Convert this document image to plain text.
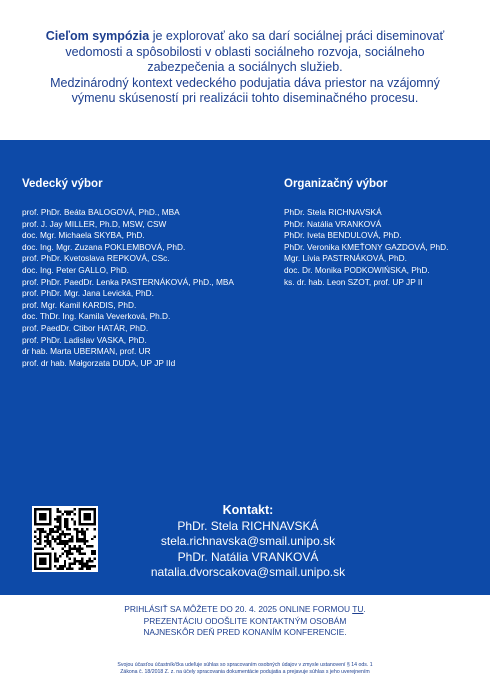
Cieľom sympózia je explorovať ako sa darí sociálnej práci diseminovať vedomosti a spôsobilosti v oblasti sociálneho rozvoja, sociálneho zabezpečenia a sociálnych služieb.
Medzinárodný kontext vedeckého podujatia dáva priestor na vzájomný výmenu skúseností pri realizácii tohto diseminačného procesu.
Vedecký výbor
prof. PhDr. Beáta BALOGOVÁ, PhD., MBA
prof. J. Jay MILLER, Ph.D, MSW, CSW
doc. Mgr. Michaela SKYBA, PhD.
doc. Ing. Mgr. Zuzana POKLEMBOVÁ, PhD.
prof. PhDr. Kvetoslava REPKOVÁ, CSc.
doc. Ing. Peter GALLO, PhD.
prof. PhDr. PaedDr. Lenka PASTERNÁKOVÁ, PhD., MBA
prof. PhDr. Mgr. Jana Levická, PhD.
prof. Mgr. Kamil KARDIS, PhD.
doc. ThDr. Ing. Kamila Veverková, Ph.D.
prof. PaedDr. Ctibor HATÁR, PhD.
prof. PhDr. Ladislav VASKA, PhD.
dr hab. Marta UBERMAN, prof. UR
prof. dr hab. Małgorzata DUDA, UP JP IId
Organizačný výbor
PhDr. Stela RICHNAVSKÁ
PhDr. Natália VRANKOVÁ
PhDr. Iveta BENDULOVÁ, PhD.
PhDr. Veronika KMEŤONY GAZDOVÁ, PhD.
Mgr. Lívia PASTRNÁKOVÁ, PhD.
doc. Dr. Monika PODKOWIŃSKA, PhD.
ks. dr. hab. Leon SZOT, prof. UP JP II
Kontakt:
PhDr. Stela RICHNAVSKÁ
stela.richnavska@smail.unipo.sk
PhDr. Natália VRANKOVÁ
natalia.dvorscakova@smail.unipo.sk
PRIHLÁSIŤ SA MÔŽETE DO 20. 4. 2025 ONLINE FORMOU TU.
PREZENTÁCIU ODOŠLITE KONTAKTNÝM OSOBÁM
NAJNESKÔR DEŇ PRED KONANÍM KONFERENCIE.
Svojou účasťou účastník/čka udeľuje súhlas so spracovaním osobných údajov v zmysle ustanovení § 14 ods. 1
Zákona č. 18/2018 Z. z. na účely spracovania dokumentácie podujatia a prejavuje súhlas s jeho uverejnením
